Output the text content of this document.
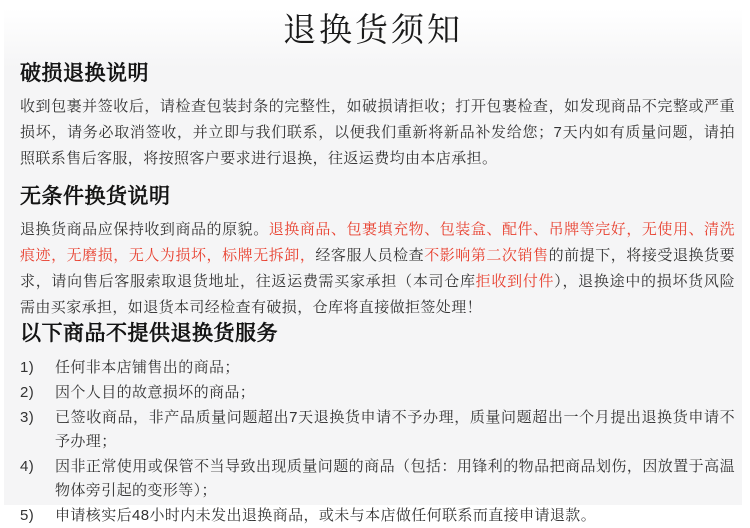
退换货须知
破损退换说明

收到包裹并签收后，请检查包装封条的完整性，如破损请拒收；打开包裹检查，如发现商品不完整或严重损坏，请务必取消签收，并立即与我们联系，以便我们重新将新品补发给您；7天内如有质量问题，请拍照联系售后客服，将按照客户要求进行退换，往返运费均由本店承担。

无条件换货说明

退换货商品应保持收到商品的原貌。退换商品、包裹填充物、包装盒、配件、吊牌等完好，无使用、清洗痕迹，无磨损，无人为损坏，标牌无拆卸，经客服人员检查不影响第二次销售的前提下，将接受退换货要求，请向售后客服索取退货地址，往返运费需买家承担（本司仓库拒收到付件），退换途中的损坏货风险需由买家承担，如退货本司经检查有破损，仓库将直接做拒签处理！

以下商品不提供退换货服务
1)	任何非本店铺售出的商品；
2)	因个人目的故意损坏的商品；
3)	已签收商品，非产品质量问题超出7天退换货申请不予办理，质量问题超出一个月提出退换货申请不予办理；
4)	因非正常使用或保管不当导致出现质量问题的商品（包括：用锋利的物品把商品划伤，因放置于高温物体旁引起的变形等）；
5)	申请核实后48小时内未发出退换商品，或未与本店做任何联系而直接申请退款。
